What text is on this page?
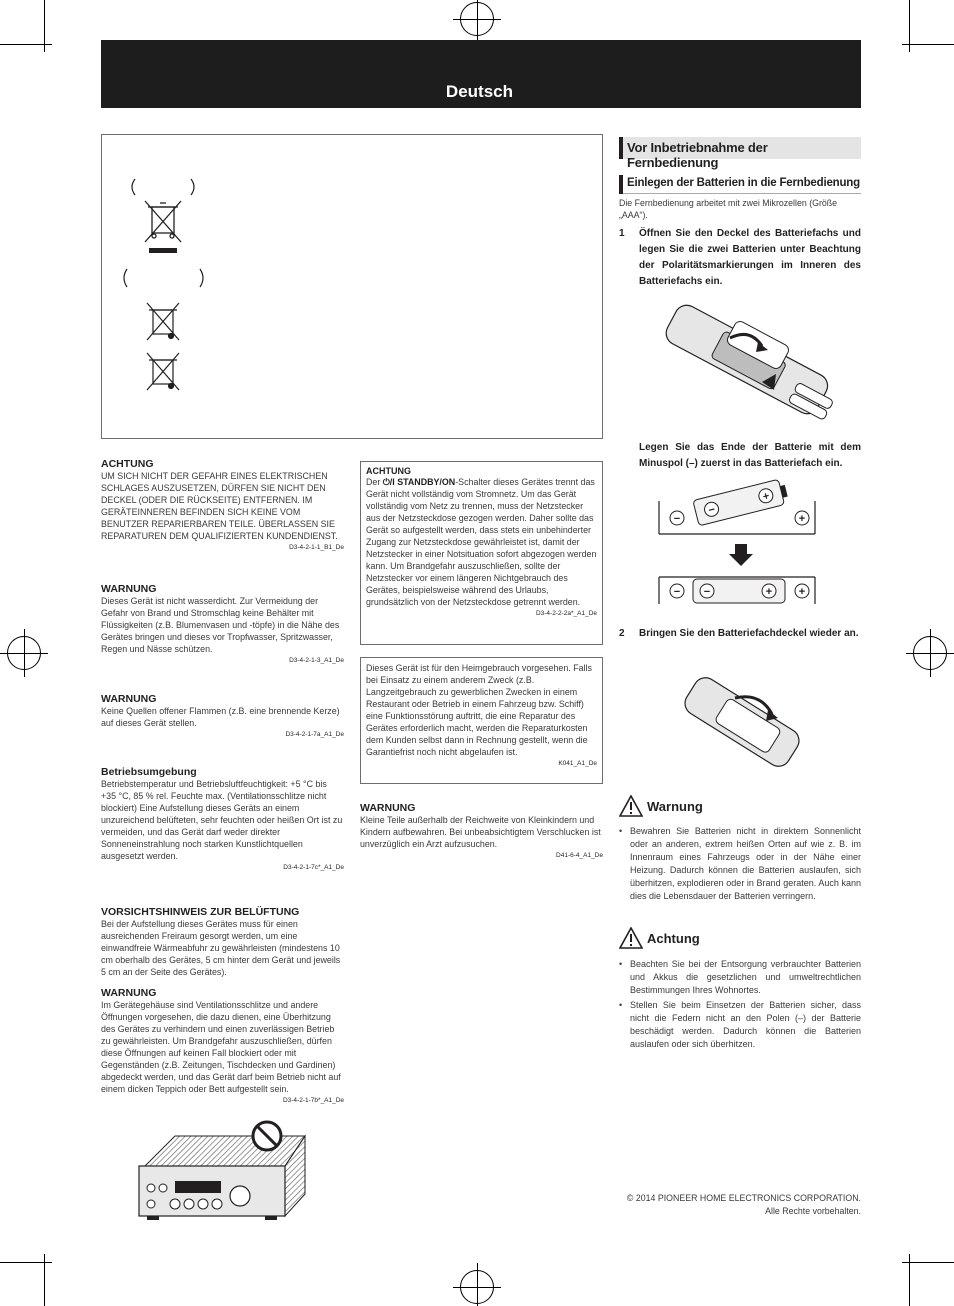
Deutsch
ACHTUNG
UM SICH NICHT DER GEFAHR EINES ELEKTRISCHEN SCHLAGES AUSZUSETZEN, DÜRFEN SIE NICHT DEN DECKEL (ODER DIE RÜCKSEITE) ENTFERNEN. IM GERÄTEINNEREN BEFINDEN SICH KEINE VOM BENUTZER REPARIERBAREN TEILE. ÜBERLASSEN SIE REPARATUREN DEM QUALIFIZIERTEN KUNDENDIENST.
D3-4-2-1-1_B1_De
WARNUNG
Dieses Gerät ist nicht wasserdicht. Zur Vermeidung der Gefahr von Brand und Stromschlag keine Behälter mit Flüssigkeiten (z.B. Blumenvasen und -töpfe) in die Nähe des Gerätes bringen und dieses vor Tropfwasser, Spritzwasser, Regen und Nässe schützen.
D3-4-2-1-3_A1_De
WARNUNG
Keine Quellen offener Flammen (z.B. eine brennende Kerze) auf dieses Gerät stellen.
D3-4-2-1-7a_A1_De
Betriebsumgebung
Betriebstemperatur und Betriebsluftfeuchtigkeit: +5 °C bis +35 °C, 85 % rel. Feuchte max. (Ventilationsschlitze nicht blockiert) Eine Aufstellung dieses Geräts an einem unzureichend belüfteten, sehr feuchten oder heißen Ort ist zu vermeiden, und das Gerät darf weder direkter Sonneneinstrahlung noch starken Kunstlichtquellen ausgesetzt werden.
D3-4-2-1-7c*_A1_De
VORSICHTSHINWEIS ZUR BELÜFTUNG
Bei der Aufstellung dieses Gerätes muss für einen ausreichenden Freiraum gesorgt werden, um eine einwandfreie Wärmeabfuhr zu gewährleisten (mindestens 10 cm oberhalb des Gerätes, 5 cm hinter dem Gerät und jeweils 5 cm an der Seite des Gerätes).
WARNUNG
Im Gerätegehäuse sind Ventilationsschlitze und andere Öffnungen vorgesehen, die dazu dienen, eine Überhitzung des Gerätes zu verhindern und einen zuverlässigen Betrieb zu gewährleisten. Um Brandgefahr auszuschließen, dürfen diese Öffnungen auf keinen Fall blockiert oder mit Gegenständen (z.B. Zeitungen, Tischdecken und Gardinen) abgedeckt werden, und das Gerät darf beim Betrieb nicht auf einem dicken Teppich oder Bett aufgestellt sein.
D3-4-2-1-7b*_A1_De
ACHTUNG
Der ⏻/I STANDBY/ON-Schalter dieses Gerätes trennt das Gerät nicht vollständig vom Stromnetz. Um das Gerät vollständig vom Netz zu trennen, muss der Netzstecker aus der Netzsteckdose gezogen werden. Daher sollte das Gerät so aufgestellt werden, dass stets ein unbehinderter Zugang zur Netzsteckdose gewährleistet ist, damit der Netzstecker in einer Notsituation sofort abgezogen werden kann. Um Brandgefahr auszuschließen, sollte der Netzstecker vor einem längeren Nichtgebrauch des Gerätes, beispielsweise während des Urlaubs, grundsätzlich von der Netzsteckdose getrennt werden.
D3-4-2-2-2a*_A1_De
Dieses Gerät ist für den Heimgebrauch vorgesehen. Falls bei Einsatz zu einem anderem Zweck (z.B. Langzeitgebrauch zu gewerblichen Zwecken in einem Restaurant oder Betrieb in einem Fahrzeug bzw. Schiff) eine Funktionsstörung auftritt, die eine Reparatur des Gerätes erforderlich macht, werden die Reparaturkosten dem Kunden selbst dann in Rechnung gestellt, wenn die Garantiefrist noch nicht abgelaufen ist.
K041_A1_De
WARNUNG
Kleine Teile außerhalb der Reichweite von Kleinkindern und Kindern aufbewahren. Bei unbeabsichtigtem Verschlucken ist unverzüglich ein Arzt aufzusuchen.
D41-6-4_A1_De
Vor Inbetriebnahme der Fernbedienung
Einlegen der Batterien in die Fernbedienung
Die Fernbedienung arbeitet mit zwei Mikrozellen (Größe „AAA“).
1 Öffnen Sie den Deckel des Batteriefachs und legen Sie die zwei Batterien unter Beachtung der Polaritätsmarkierungen im Inneren des Batteriefachs ein.
Legen Sie das Ende der Batterie mit dem Minuspol (–) zuerst in das Batteriefach ein.
−	+
−
+
− −	+ +
2 Bringen Sie den Batteriefachdeckel wieder an.
Warnung
• Bewahren Sie Batterien nicht in direktem Sonnenlicht oder an anderen, extrem heißen Orten auf wie z. B. im Innenraum eines Fahrzeugs oder in der Nähe einer Heizung. Dadurch können die Batterien auslaufen, sich überhitzen, explodieren oder in Brand geraten. Auch kann dies die Lebensdauer der Batterien verringern.
Achtung
• Beachten Sie bei der Entsorgung verbrauchter Batterien und Akkus die gesetzlichen und umweltrechtlichen Bestimmungen Ihres Wohnortes.
• Stellen Sie beim Einsetzen der Batterien sicher, dass nicht die Federn nicht an den Polen (–) der Batterie beschädigt werden. Dadurch können die Batterien auslaufen oder sich überhitzen.
© 2014 PIONEER HOME ELECTRONICS CORPORATION.
Alle Rechte vorbehalten.
